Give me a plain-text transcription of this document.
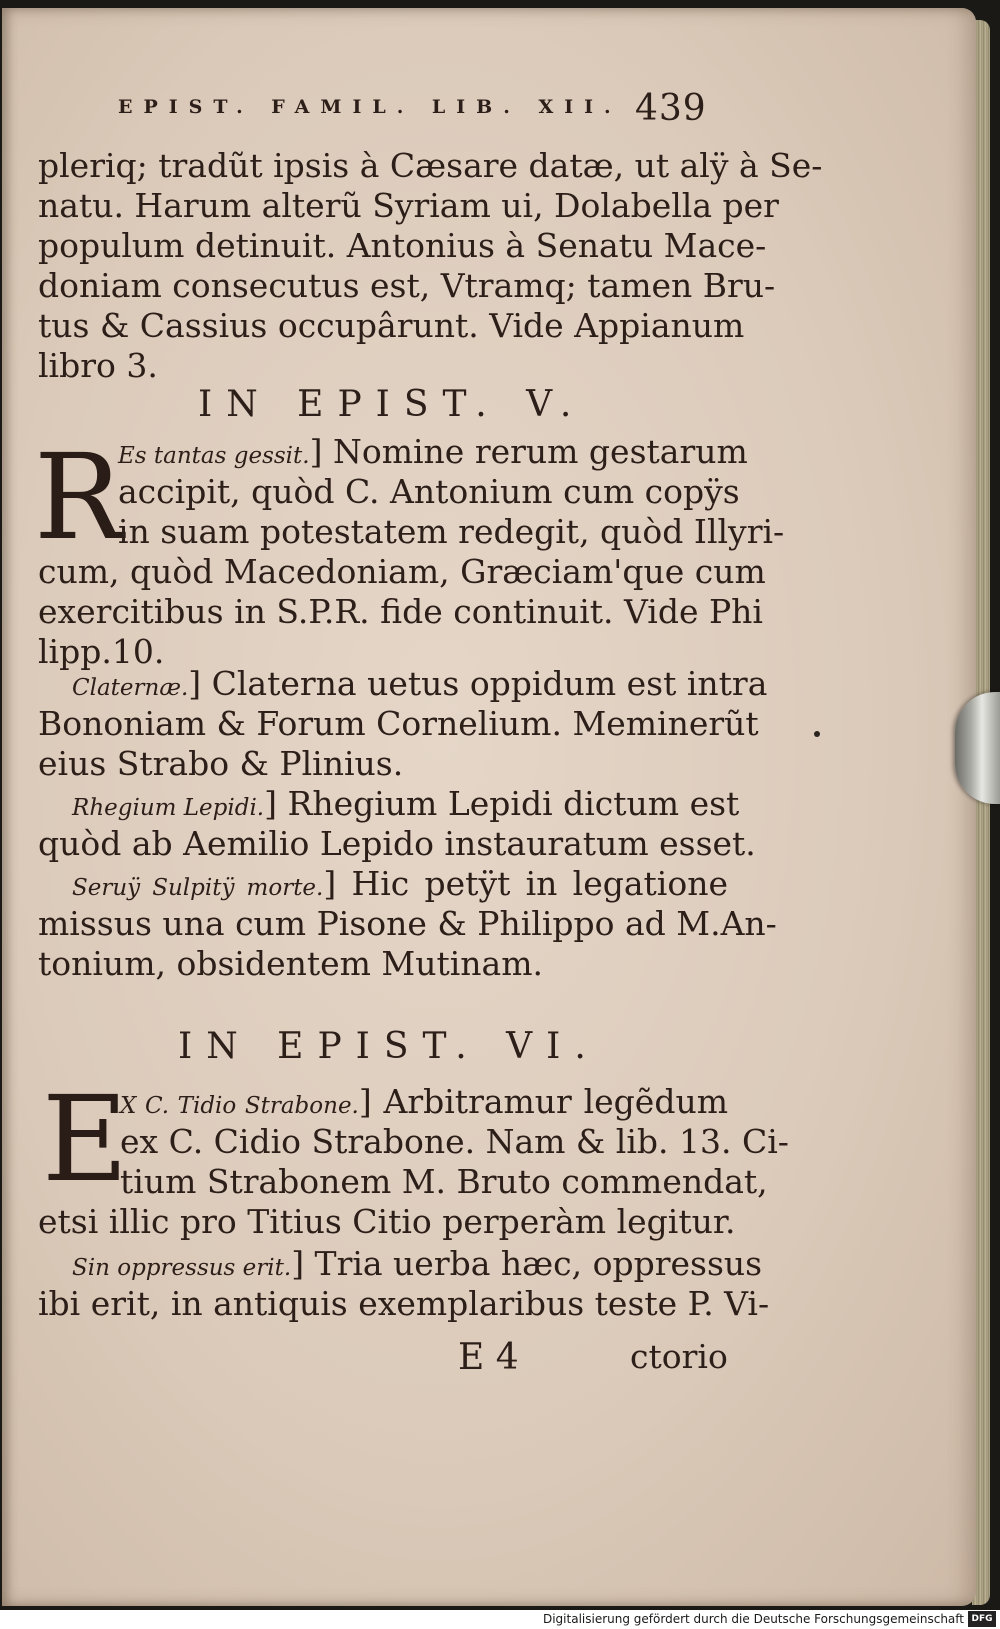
EPIST. FAMIL. LIB. XII. 439
pleriq; tradũt ipsis à Cæsare datæ, ut alÿ à Se-
natu. Harum alterũ Syriam ui, Dolabella per
populum detinuit. Antonius à Senatu Mace-
doniam consecutus est, Vtramq; tamen Bru-
tus & Cassius occupârunt. Vide Appianum
libro 3.
IN EPIST. V.
R
Es tantas gessit.] Nomine rerum gestarum
accipit, quòd C. Antonium cum copÿs
in suam potestatem redegit, quòd Illyri-
cum, quòd Macedoniam, Græciam'que cum
exercitibus in S.P.R. fide continuit. Vide Phi
lipp.10.
Claternæ.] Claterna uetus oppidum est intra
Bononiam & Forum Cornelium. Meminerũt
eius Strabo & Plinius.
Rhegium Lepidi.] Rhegium Lepidi dictum est
quòd ab Aemilio Lepido instauratum esset.
Seruÿ Sulpitÿ morte.] Hic petÿt in legatione
missus una cum Pisone & Philippo ad M.An-
tonium, obsidentem Mutinam.
IN EPIST. VI.
E
X C. Tidio Strabone.] Arbitramur legẽdum
ex C. Cidio Strabone. Nam & lib. 13. Ci-
tium Strabonem M. Bruto commendat,
etsi illic pro Titius Citio perperàm legitur.
Sin oppressus erit.] Tria uerba hæc, oppressus
ibi erit, in antiquis exemplaribus teste P. Vi-
E 4	ctorio
Digitalisierung gefördert durch die Deutsche Forschungsgemeinschaft DFG
